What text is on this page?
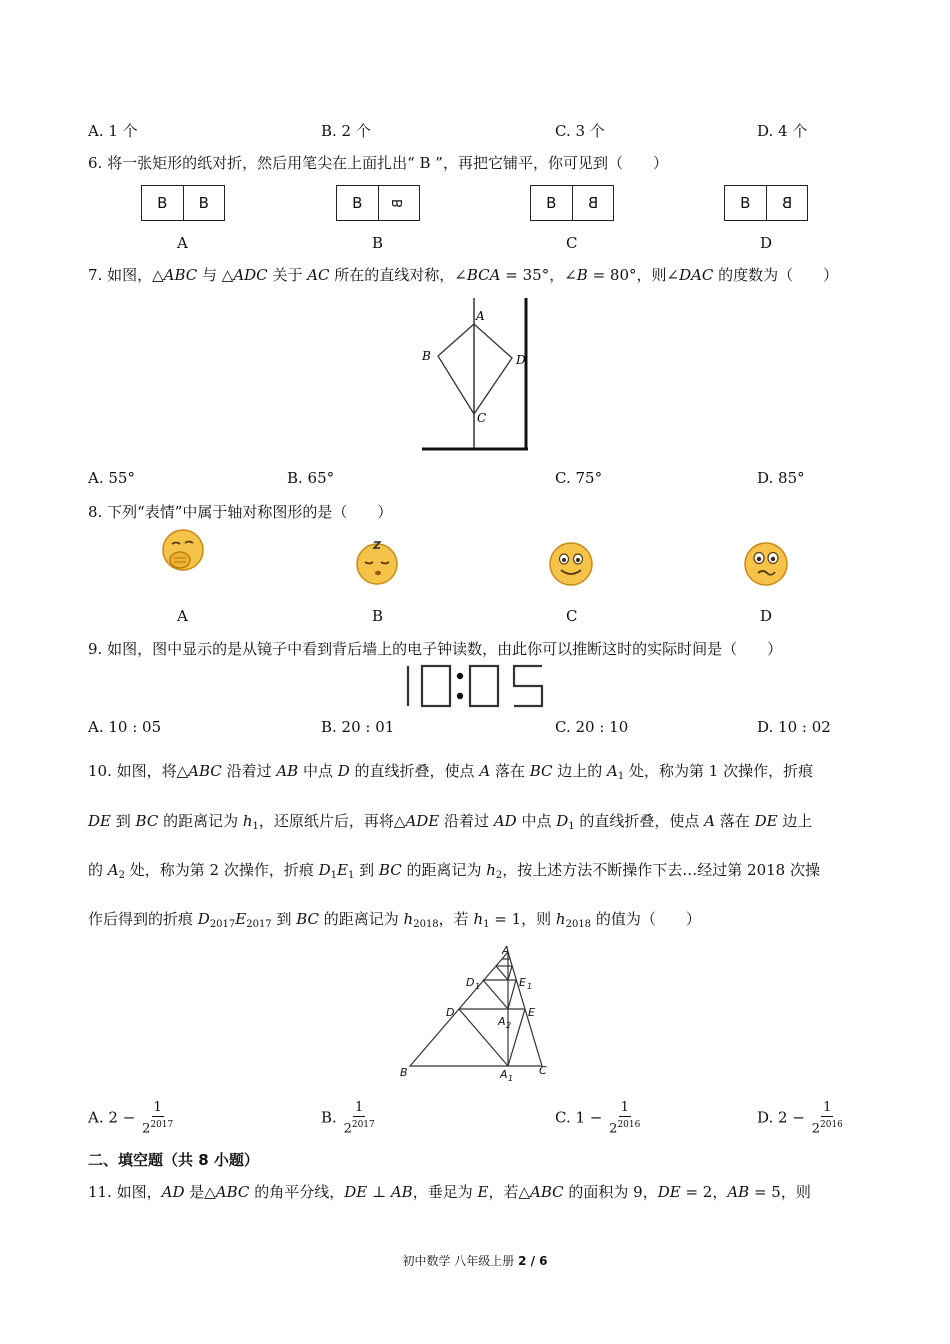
A. 1 个	B. 2 个	C. 3 个	D. 4 个
6. 将一张矩形的纸对折，然后用笔尖在上面扎出“ B ”，再把它铺平，你可见到（　　）
B B	B B	B B	B B
A	B	C	D
7. 如图，△ABC 与 △ADC 关于 AC 所在的直线对称，∠BCA = 35°，∠B = 80°，则∠DAC 的度数为（　　）
A
B	D
C
A. 55°	B. 65°	C. 75°	D. 85°
8. 下列“表情”中属于轴对称图形的是（　　）
A	B	C	D
9. 如图，图中显示的是从镜子中看到背后墙上的电子钟读数，由此你可以推断这时的实际时间是（　　）
A. 10 : 05	B. 20 : 01	C. 20 : 10	D. 10 : 02
10. 如图，将△ABC 沿着过 AB 中点 D 的直线折叠，使点 A 落在 BC 边上的 $A_1$ 处，称为第 1 次操作，折痕
DE 到 BC 的距离记为 $h_1$，还原纸片后，再将△ADE 沿着过 AD 中点 $D_1$ 的直线折叠，使点 A 落在 DE 边上
的 $A_2$ 处，称为第 2 次操作，折痕 $D_1E_1$ 到 BC 的距离记为 $h_2$，按上述方法不断操作下去…经过第 2018 次操
作后得到的折痕 $D_{2017}E_{2017}$ 到 BC 的距离记为 $h_{2018}$，若 $h_1 = 1$，则 $h_{2018}$ 的值为（　　）
A
D 1	E 1
D	E
A 2
B	A 1
C
A. $2 - \frac{1}{2^{2017}}$	B. $\frac{1}{2^{2017}}$	C. $1 - \frac{1}{2^{2016}}$	D. $2 - \frac{1}{2^{2016}}$
二、填空题（共 8 小题）
11. 如图，AD 是△ABC 的角平分线，DE ⊥ AB，垂足为 E，若△ABC 的面积为 9，DE = 2，AB = 5，则
初中数学 八年级上册 2 / 6
